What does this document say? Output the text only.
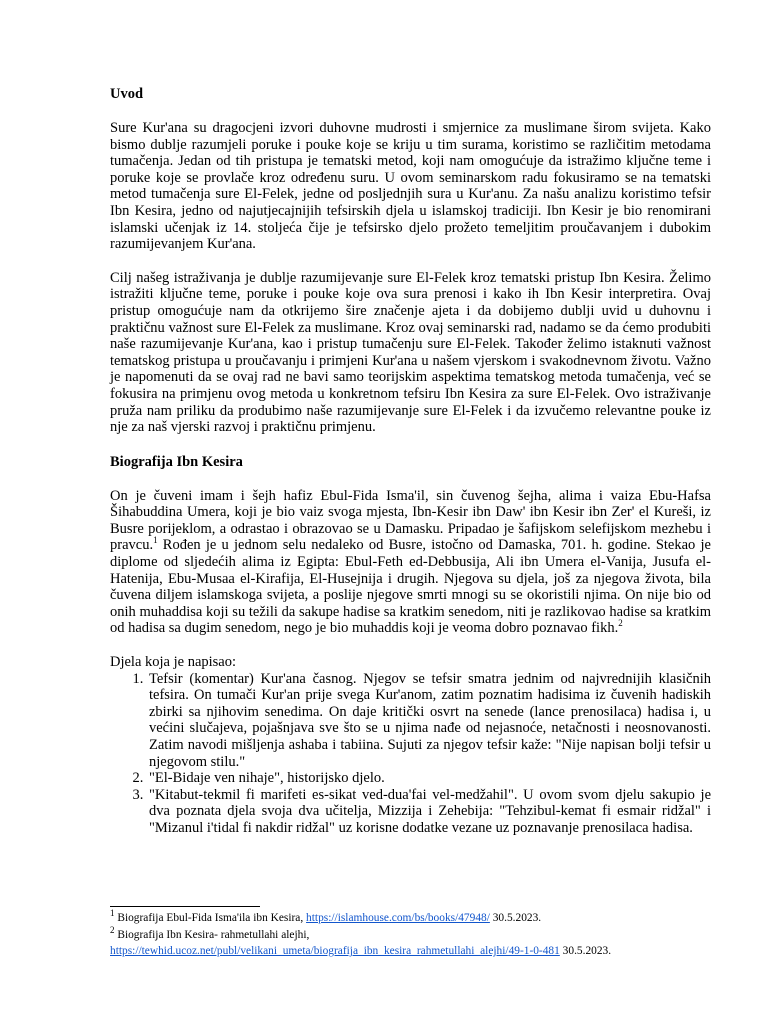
Uvod

Sure Kur'ana su dragocjeni izvori duhovne mudrosti i smjernice za muslimane širom svijeta. Kako bismo dublje razumjeli poruke i pouke koje se kriju u tim surama, koristimo se različitim metodama tumačenja. Jedan od tih pristupa je tematski metod, koji nam omogućuje da istražimo ključne teme i poruke koje se provlače kroz određenu suru. U ovom seminarskom radu fokusiramo se na tematski metod tumačenja sure El-Felek, jedne od posljednjih sura u Kur'anu. Za našu analizu koristimo tefsir Ibn Kesira, jedno od najutjecajnijih tefsirskih djela u islamskoj tradiciji. Ibn Kesir je bio renomirani islamski učenjak iz 14. stoljeća čije je tefsirsko djelo prožeto temeljitim proučavanjem i dubokim razumijevanjem Kur'ana.

Cilj našeg istraživanja je dublje razumijevanje sure El-Felek kroz tematski pristup Ibn Kesira. Želimo istražiti ključne teme, poruke i pouke koje ova sura prenosi i kako ih Ibn Kesir interpretira. Ovaj pristup omogućuje nam da otkrijemo šire značenje ajeta i da dobijemo dublji uvid u duhovnu i praktičnu važnost sure El-Felek za muslimane. Kroz ovaj seminarski rad, nadamo se da ćemo produbiti naše razumijevanje Kur'ana, kao i pristup tumačenju sure El-Felek. Također želimo istaknuti važnost tematskog pristupa u proučavanju i primjeni Kur'ana u našem vjerskom i svakodnevnom životu. Važno je napomenuti da se ovaj rad ne bavi samo teorijskim aspektima tematskog metoda tumačenja, već se fokusira na primjenu ovog metoda u konkretnom tefsiru Ibn Kesira za sure El-Felek. Ovo istraživanje pruža nam priliku da produbimo naše razumijevanje sure El-Felek i da izvučemo relevantne pouke iz nje za naš vjerski razvoj i praktičnu primjenu.

Biografija Ibn Kesira

On je čuveni imam i šejh hafiz Ebul-Fida Isma'il, sin čuvenog šejha, alima i vaiza Ebu-Hafsa Šihabuddina Umera, koji je bio vaiz svoga mjesta, Ibn-Kesir ibn Daw' ibn Kesir ibn Zer' el Kureši, iz Busre porijeklom, a odrastao i obrazovao se u Damasku. Pripadao je šafijskom selefijskom mezhebu i pravcu.$^1$ Rođen je u jednom selu nedaleko od Busre, istočno od Damaska, 701. h. godine. Stekao je diplome od sljedećih alima iz Egipta: Ebul-Feth ed-Debbusija, Ali ibn Umera el-Vanija, Jusufa el-Hatenija, Ebu-Musaa el-Kirafija, El-Husejnija i drugih. Njegova su djela, još za njegova života, bila čuvena diljem islamskoga svijeta, a poslije njegove smrti mnogi su se okoristili njima. On nije bio od onih muhaddisa koji su težili da sakupe hadise sa kratkim senedom, niti je razlikovao hadise sa kratkim od hadisa sa dugim senedom, nego je bio muhaddis koji je veoma dobro poznavao fikh.$^2$

Djela koja je napisao:

1. Tefsir (komentar) Kur'ana časnog. Njegov se tefsir smatra jednim od najvrednijih klasičnih tefsira. On tumači Kur'an prije svega Kur'anom, zatim poznatim hadisima iz čuvenih hadiskih zbirki sa njihovim senedima. On daje kritički osvrt na senede (lance prenosilaca) hadisa i, u većini slučajeva, pojašnjava sve što se u njima nađe od nejasnoće, netačnosti i neosnovanosti. Zatim navodi mišljenja ashaba i tabiina. Sujuti za njegov tefsir kaže: "Nije napisan bolji tefsir u njegovom stilu."
2. "El-Bidaje ven nihaje", historijsko djelo.
3. "Kitabut-tekmil fi marifeti es-sikat ved-dua'fai vel-medžahil". U ovom svom djelu sakupio je dva poznata djela svoja dva učitelja, Mizzija i Zehebija: "Tehzibul-kemat fi esmair ridžal" i "Mizanul i'tidal fi nakdir ridžal" uz korisne dodatke vezane uz poznavanje prenosilaca hadisa.

$^1$ Biografija Ebul-Fida Isma'ila ibn Kesira, https://islamhouse.com/bs/books/47948/ 30.5.2023.

$^2$ Biografija Ibn Kesira- rahmetullahi alejhi,
https://tewhid.ucoz.net/publ/velikani_umeta/biografija_ibn_kesira_rahmetullahi_alejhi/49-1-0-481 30.5.2023.
